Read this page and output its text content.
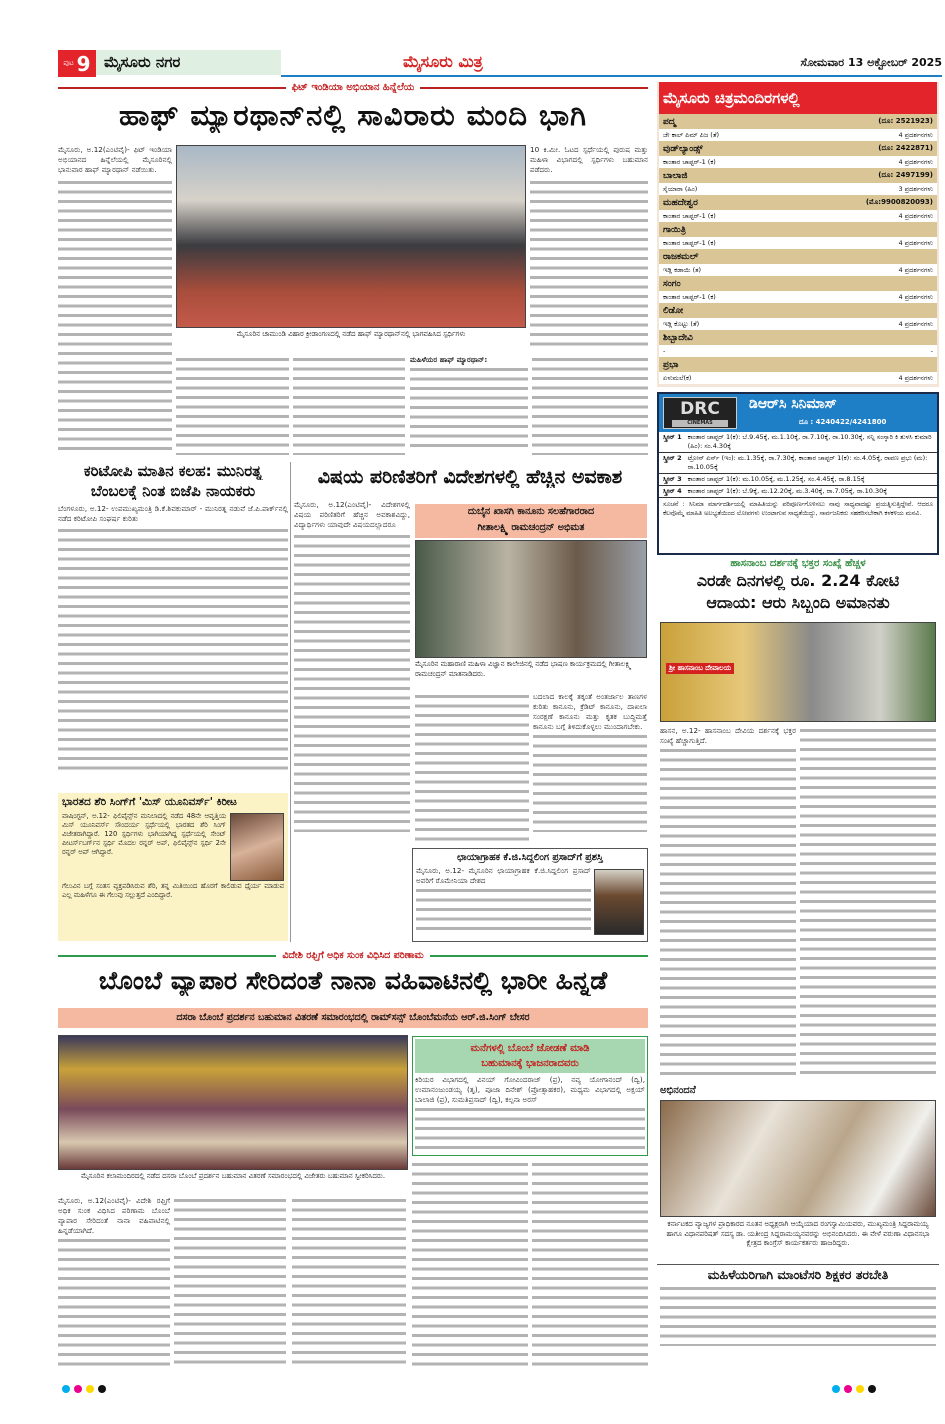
ಪುಟ 9 ಮೈಸೂರು ನಗರ	ಮೈಸೂರು ಮಿತ್ರ	ಸೋಮವಾರ 13 ಅಕ್ಟೋಬರ್ 2025
ಫಿಟ್ ಇಂಡಿಯಾ ಅಭಿಯಾನ ಹಿನ್ನೆಲೆಯ
ಹಾಫ್ ಮ್ಯಾರಥಾನ್‌ನಲ್ಲಿ ಸಾವಿರಾರು ಮಂದಿ ಭಾಗಿ
ಮೈಸೂರು, ಅ.12(ಎಂಟಿವೈ)- ಫಿಟ್ ಇಂಡಿಯಾ ಅಭಿಯಾನದ ಹಿನ್ನೆಲೆಯಲ್ಲಿ ಮೈಸೂರಿನಲ್ಲಿ ಭಾನುವಾರ ಹಾಫ್ ಮ್ಯಾರಥಾನ್ ನಡೆಯಿತು.
ಮೈಸೂರಿನ ಚಾಮುಂಡಿ ವಿಹಾರ ಕ್ರೀಡಾಂಗಣದಲ್ಲಿ ನಡೆದ ಹಾಫ್ ಮ್ಯಾರಥಾನ್‌ನಲ್ಲಿ ಭಾಗವಹಿಸಿದ ಸ್ಪರ್ಧಿಗಳು
10 ಕಿ.ಮೀ. ಓಟದ ಸ್ಪರ್ಧೆಯಲ್ಲಿ ಪುರುಷ ಮತ್ತು ಮಹಿಳಾ ವಿಭಾಗದಲ್ಲಿ ಸ್ಪರ್ಧಿಗಳು ಬಹುಮಾನ ಪಡೆದರು.
ಮಹಿಳೆಯರ ಹಾಫ್ ಮ್ಯಾರಥಾನ್:
ಕರಿಟೋಪಿ ಮಾತಿನ ಕಲಹ: ಮುನಿರತ್ನ
ಬೆಂಬಲಕ್ಕೆ ನಿಂತ ಬಿಜೆಪಿ ನಾಯಕರು
ಬೆಂಗಳೂರು, ಅ.12- ಉಪಮುಖ್ಯಮಂತ್ರಿ ಡಿ.ಕೆ.ಶಿವಕುಮಾರ್ - ಮುನಿರತ್ನ ನಡುವೆ ಜೆ.ಪಿ.ಪಾರ್ಕ್‌ನಲ್ಲಿ ನಡೆದ ಕರಿಟೋಪಿ ಸಂಘರ್ಷ ಕುರಿತು
ಭಾರತದ ಶೆರಿ ಸಿಂಗ್‌ಗೆ 'ಮಿಸ್ ಯೂನಿವರ್ಸ್' ಕಿರೀಟ
ವಾಷಿಂಗ್ಟನ್, ಅ.12- ಫಿಲಿಪೈನ್ಸ್‌ನ ಮನಿಲಾದಲ್ಲಿ ನಡೆದ 48ನೇ ಆವೃತ್ತಿಯ ಮಿಸ್ ಯೂನಿವರ್ಸ್ ಸೌಂದರ್ಯ ಸ್ಪರ್ಧೆಯಲ್ಲಿ ಭಾರತದ ಶೆರಿ ಸಿಂಗ್ ವಿಜೇತರಾಗಿದ್ದಾರೆ. 120 ಸ್ಪರ್ಧಿಗಳು ಭಾಗಿಯಾಗಿದ್ದ ಸ್ಪರ್ಧೆಯಲ್ಲಿ ಸೇಂಟ್ ಪೀಟರ್ಸ್‌ಬರ್ಗ್‌ನ ಸ್ಪರ್ಧಿ ಮೊದಲ ರನ್ನರ್ ಅಪ್, ಫಿಲಿಪೈನ್ಸ್‌ನ ಸ್ಪರ್ಧಿ 2ನೇ ರನ್ನರ್ ಅಪ್ ಆಗಿದ್ದಾರೆ.
ಗೆಲುವಿನ ಬಗ್ಗೆ ಸಂತಸ ವ್ಯಕ್ತಪಡಿಸಿರುವ ಶೆರಿ, ತನ್ನ ಮಿತಿಯಿಂದ ಹೊರಗೆ ಕಾಲಿಡುವ ಧೈರ್ಯ ಮಾಡುವ ಎಲ್ಲ ಮಹಿಳೆಗೂ ಈ ಗೆಲುವು ಸಲ್ಲುತ್ತದೆ ಎಂದಿದ್ದಾರೆ.
ವಿಷಯ ಪರಿಣಿತರಿಗೆ ವಿದೇಶಗಳಲ್ಲಿ ಹೆಚ್ಚಿನ ಅವಕಾಶ
ಮೈಸೂರು, ಅ.12(ಎಂಟಿವೈ)- ವಿದೇಶಗಳಲ್ಲಿ ವಿಷಯ ಪರಿಣಿತರಿಗೆ ಹೆಚ್ಚಿನ ಅವಕಾಶವಿದ್ದು, ವಿದ್ಯಾರ್ಥಿಗಳು ಯಾವುದೇ ವಿಷಯದಲ್ಲಾದರೂ
ದುಬೈನ ಖಾಸಗಿ ಕಾನೂನು ಸಲಹೆಗಾರರಾದ
ಗೀತಾಲಕ್ಷ್ಮಿ ರಾಮಚಂದ್ರನ್ ಅಭಿಮತ
ಮೈಸೂರಿನ ಮಹಾರಾಣಿ ಮಹಿಳಾ ವಿಜ್ಞಾನ ಕಾಲೇಜಿನಲ್ಲಿ ನಡೆದ ಭಾಷಣ ಕಾರ್ಯಕ್ರಮದಲ್ಲಿ ಗೀತಾಲಕ್ಷ್ಮಿ ರಾಮಚಂದ್ರನ್ ಮಾತನಾಡಿದರು.
ಬದಲಾದ ಕಾಲಕ್ಕೆ ತಕ್ಕಂತೆ ಅಂತರ್ಜಾಲ ತಾಣಗಳ ಕುರಿತು ಕಾನೂನು, ಕ್ರೆಡಿಟ್ ಕಾನೂನು, ದಾಖಲಾ ಸಂರಕ್ಷಣೆ ಕಾನೂನು ಮತ್ತು ಕೃತಕ ಬುದ್ಧಿಮತ್ತೆ ಕಾನೂನು ಬಗ್ಗೆ ತಿಳಿದುಕೊಳ್ಳಲು ಮುಂದಾಗಬೇಕು.
ಛಾಯಾಗ್ರಾಹಕ ಕೆ.ಜಿ.ಸಿದ್ದಲಿಂಗ ಪ್ರಸಾದ್‌ಗೆ ಪ್ರಶಸ್ತಿ
ಮೈಸೂರು, ಅ.12- ಮೈಸೂರಿನ ಛಾಯಾಗ್ರಾಹಕ ಕೆ.ಜಿ.ಸಿದ್ದಲಿಂಗ ಪ್ರಸಾದ್ ಅವರಿಗೆ ರೊಮೇನಿಯಾ ದೇಶದ
ವಿದೇಶಿ ರಫ್ತಿಗೆ ಅಧಿಕ ಸುಂಕ ವಿಧಿಸಿದ ಪರಿಣಾಮ
ಬೊಂಬೆ ವ್ಯಾಪಾರ ಸೇರಿದಂತೆ ನಾನಾ ವಹಿವಾಟಿನಲ್ಲಿ ಭಾರೀ ಹಿನ್ನಡೆ
ದಸರಾ ಬೊಂಬೆ ಪ್ರದರ್ಶನ ಬಹುಮಾನ ವಿತರಣೆ ಸಮಾರಂಭದಲ್ಲಿ ರಾಮ್‌ಸನ್ಸ್ ಬೊಂಬೆಮನೆಯ ಆರ್.ಜಿ.ಸಿಂಗ್ ಬೇಸರ
ಮೈಸೂರಿನ ಕಲಾಮಂದಿರದಲ್ಲಿ ನಡೆದ ದಸರಾ ಬೊಂಬೆ ಪ್ರದರ್ಶನ ಬಹುಮಾನ ವಿತರಣೆ ಸಮಾರಂಭದಲ್ಲಿ ವಿಜೇತರು ಬಹುಮಾನ ಸ್ವೀಕರಿಸಿದರು.
ಮನೆಗಳಲ್ಲಿ ಬೊಂಬೆ ಜೋಡಣೆ ಮಾಡಿ
ಬಹುಮಾನಕ್ಕೆ ಭಾಜನರಾದವರು
ಕಿರಿಯರ ವಿಭಾಗದಲ್ಲಿ ವಿನಯ್ ಗೋವಿಂದರಾಜ್ (ಪ್ರ), ನವ್ಯ ಯೋಗಾನಂದ್ (ದ್ವಿ), ಉಮಾನಂಜುಂಡಯ್ಯ (ತೃ), ಪೂಜಾ ದಿನೇಶ್ (ಪ್ರೋತ್ಸಾಹಕರ), ಮಧ್ಯಮ ವಿಭಾಗದಲ್ಲಿ ಅಕ್ಷಯ್ ಬಾಲಾಜಿ (ಪ್ರ), ಸುಮತಿಪ್ರಸಾದ್ (ದ್ವಿ), ಕಲ್ಪನಾ ಅರಸ್
ಮೈಸೂರು, ಅ.12(ಎಂಟಿವೈ)- ವಿದೇಶಿ ರಫ್ತಿಗೆ ಅಧಿಕ ಸುಂಕ ವಿಧಿಸಿದ ಪರಿಣಾಮ ಬೊಂಬೆ ವ್ಯಾಪಾರ ಸೇರಿದಂತೆ ನಾನಾ ವಹಿವಾಟಿನಲ್ಲಿ ಹಿನ್ನಡೆಯಾಗಿದೆ.
ಮೈಸೂರು ಚಿತ್ರಮಂದಿರಗಳಲ್ಲಿ
ಪದ್ಮ	(ದೂ: 2521923)
ಜೇ ಕಾಲ್ ಪಿಮ್ ಪಿಜ (ತೆ)	4 ಪ್ರದರ್ಶನಗಳು
ವುಡ್‌ಲ್ಯಾಂಡ್ಸ್	(ದೂ: 2422871)
ಕಾಂತಾರ ಚಾಪ್ಟರ್-1 (ಕ)	4 ಪ್ರದರ್ಶನಗಳು
ಬಾಲಾಜಿ	(ದೂ: 2497199)
ಸೈಯಾರಾ (ಹಿಂ)	3 ಪ್ರದರ್ಶನಗಳು
ಮಹದೇಶ್ವರ	(ಮೊ:9900820093)
ಕಾಂತಾರ ಚಾಪ್ಟರ್-1 (ಕ)	4 ಪ್ರದರ್ಶನಗಳು
ಗಾಯಿತ್ರಿ
ಕಾಂತಾರ ಚಾಪ್ಟರ್-1 (ಕ)	4 ಪ್ರದರ್ಶನಗಳು
ರಾಜಕಮಲ್
ಇಡ್ಲಿ ಕಡಾಯಿ (ತ)	4 ಪ್ರದರ್ಶನಗಳು
ಸಂಗಂ
ಕಾಂತಾರ ಚಾಪ್ಟರ್-1 (ಕ)	4 ಪ್ರದರ್ಶನಗಳು
ಲಿಡೋ
ಇಡ್ಲಿ ಕೊಟ್ಟು (ತೆ)	4 ಪ್ರದರ್ಶನಗಳು
ಶಿಬ್ಬಾದೇವಿ
-	-
ಪ್ರಭಾ
ಏಳುಮಲೆ(ಕ)	4 ಪ್ರದರ್ಶನಗಳು
DRC
CINEMAS
ಡಿಆರ್‌ಸಿ ಸಿನಿಮಾಸ್
ದೂ : 4240422/4241800
ಸ್ಕ್ರೀನ್ 1 ಕಾಂತಾರ ಚಾಪ್ಟರ್ 1(ಕ): ಬೆ.9.45ಕ್ಕೆ, ಮ.1.10ಕ್ಕೆ, ರಾ.7.10ಕ್ಕೆ, ರಾ.10.30ಕ್ಕೆ, ಸನ್ನಿ ಸಂಸ್ಕಾರಿ ಕಿ ತುಳಸಿ ಕುಮಾರಿ (ಹಿಂ): ಸಂ.4.30ಕ್ಕೆ
ಸ್ಕ್ರೀನ್ 2 ಟ್ರೋನ್ ಏರ್ಸ್ (ಇಂ): ಮ.1.35ಕ್ಕೆ, ರಾ.7.30ಕ್ಕೆ, ಕಾಂತಾರ ಚಾಪ್ಟರ್ 1(ಕ): ಸಂ.4.05ಕ್ಕೆ, ರಾವಣ ಪ್ರಭು (ಮ): ರಾ.10.05ಕ್ಕೆ
ಸ್ಕ್ರೀನ್ 3 ಕಾಂತಾರ ಚಾಪ್ಟರ್ 1(ಕ): ಮ.10.05ಕ್ಕೆ, ಮ.1.25ಕ್ಕೆ, ಸಂ.4.45ಕ್ಕೆ, ರಾ.8.15ಕ್ಕೆ
ಸ್ಕ್ರೀನ್ 4 ಕಾಂತಾರ ಚಾಪ್ಟರ್ 1(ಕ): ಬೆ.9ಕ್ಕೆ, ಮ.12.20ಕ್ಕೆ, ಮ.3.40ಕ್ಕೆ, ರಾ.7.05ಕ್ಕೆ, ರಾ.10.30ಕ್ಕೆ
ಸೂಚನೆ : ಸಿನಿಮಾ ಮಾರ್ಗದರ್ಶಿಯಲ್ಲಿ ಮಾಹಿತಿಯನ್ನು ಪರಿಪೂರ್ಣಗೊಳಿಸಲು ನಾವು ಸಾಧ್ಯವಾದಷ್ಟು ಪ್ರಯತ್ನಿಸುತ್ತಿದ್ದೇವೆ. ಆದರೂ ಕೆಲವೊಮ್ಮೆ ಮಾಹಿತಿ ಅಲಭ್ಯತೆಯಿಂದ ಲೋಪಗಳು ಉಂಟಾಗುವ ಸಾಧ್ಯತೆಯಿದ್ದು, ಸಾರ್ವಜನಿಕರು ಸಹಕರಿಸಬೇಕಾಗಿ ಕಳಕಳಿಯ ಮನವಿ.
ಹಾಸನಾಂಬ ದರ್ಶನಕ್ಕೆ ಭಕ್ತರ ಸಂಖ್ಯೆ ಹೆಚ್ಚಳ
ಎರಡೇ ದಿನಗಳಲ್ಲಿ ರೂ. 2.24 ಕೋಟಿ
ಆದಾಯ: ಆರು ಸಿಬ್ಬಂದಿ ಅಮಾನತು
ಶ್ರೀ ಹಾಸನಾಂಬ ದೇವಾಲಯ
ಹಾಸನ, ಅ.12- ಹಾಸನಾಂಬ ದೇವಿಯ ದರ್ಶನಕ್ಕೆ ಭಕ್ತರ ಸಂಖ್ಯೆ ಹೆಚ್ಚಾಗುತ್ತಿದೆ.
ಅಭಿನಂದನೆ
ಕರ್ನಾಟಕದ ವ್ಯಾಜ್ಯಗಳ ಪ್ರಾಧಿಕಾರದ ನೂತನ ಅಧ್ಯಕ್ಷರಾಗಿ ಆಯ್ಕೆಯಾದ ರಂಗಸ್ವಾಮಿಯವರು, ಮುಖ್ಯಮಂತ್ರಿ ಸಿದ್ದರಾಮಯ್ಯ ಹಾಗೂ ವಿಧಾನಪರಿಷತ್ ಸದಸ್ಯ ಡಾ. ಯತೀಂದ್ರ ಸಿದ್ದರಾಮಯ್ಯನವರನ್ನು ಅಭಿನಂದಿಸಿದರು. ಈ ವೇಳೆ ವರುಣಾ ವಿಧಾನಸಭಾ ಕ್ಷೇತ್ರದ ಕಾಂಗ್ರೆಸ್ ಕಾರ್ಯಕರ್ತರು ಹಾಜರಿದ್ದರು.
ಮಹಿಳೆಯರಿಗಾಗಿ ಮಾಂಟೆಸರಿ ಶಿಕ್ಷಕರ ತರಬೇತಿ
